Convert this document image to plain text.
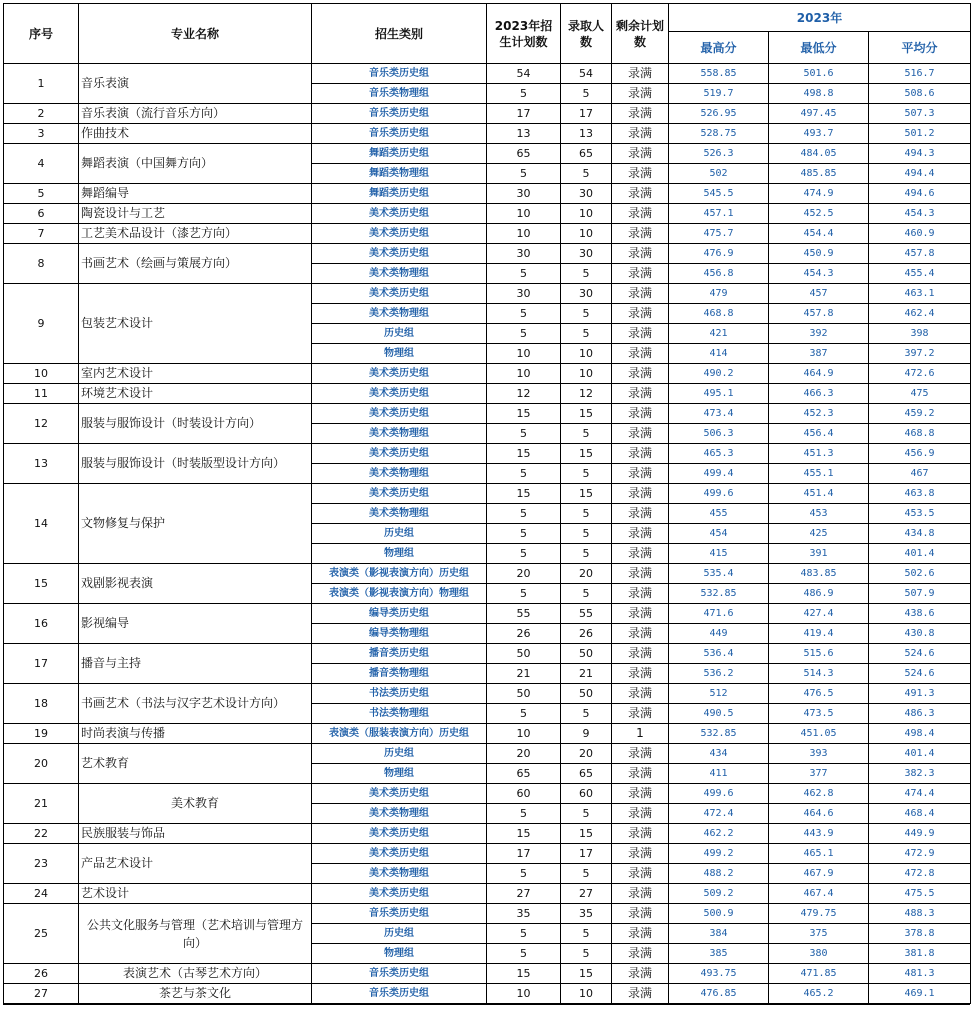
序号	专业名称	招生类别	2023年招生计划数	录取人数	剩余计划数	2023年		
						最高分	最低分	平均分
1	音乐表演	音乐类历史组	54	54	录满	558.85	501.6	516.7
		音乐类物理组	5	5	录满	519.7	498.8	508.6
2	音乐表演（流行音乐方向）	音乐类历史组	17	17	录满	526.95	497.45	507.3
3	作曲技术	音乐类历史组	13	13	录满	528.75	493.7	501.2
4	舞蹈表演（中国舞方向）	舞蹈类历史组	65	65	录满	526.3	484.05	494.3
		舞蹈类物理组	5	5	录满	502	485.85	494.4
5	舞蹈编导	舞蹈类历史组	30	30	录满	545.5	474.9	494.6
6	陶瓷设计与工艺	美术类历史组	10	10	录满	457.1	452.5	454.3
7	工艺美术品设计（漆艺方向）	美术类历史组	10	10	录满	475.7	454.4	460.9
8	书画艺术（绘画与策展方向）	美术类历史组	30	30	录满	476.9	450.9	457.8
		美术类物理组	5	5	录满	456.8	454.3	455.4
9	包装艺术设计	美术类历史组	30	30	录满	479	457	463.1
		美术类物理组	5	5	录满	468.8	457.8	462.4
		历史组	5	5	录满	421	392	398
		物理组	10	10	录满	414	387	397.2
10	室内艺术设计	美术类历史组	10	10	录满	490.2	464.9	472.6
11	环境艺术设计	美术类历史组	12	12	录满	495.1	466.3	475
12	服装与服饰设计（时装设计方向）	美术类历史组	15	15	录满	473.4	452.3	459.2
		美术类物理组	5	5	录满	506.3	456.4	468.8
13	服装与服饰设计（时装版型设计方向）	美术类历史组	15	15	录满	465.3	451.3	456.9
		美术类物理组	5	5	录满	499.4	455.1	467
14	文物修复与保护	美术类历史组	15	15	录满	499.6	451.4	463.8
		美术类物理组	5	5	录满	455	453	453.5
		历史组	5	5	录满	454	425	434.8
		物理组	5	5	录满	415	391	401.4
15	戏剧影视表演	表演类（影视表演方向）历史组	20	20	录满	535.4	483.85	502.6
		表演类（影视表演方向）物理组	5	5	录满	532.85	486.9	507.9
16	影视编导	编导类历史组	55	55	录满	471.6	427.4	438.6
		编导类物理组	26	26	录满	449	419.4	430.8
17	播音与主持	播音类历史组	50	50	录满	536.4	515.6	524.6
		播音类物理组	21	21	录满	536.2	514.3	524.6
18	书画艺术（书法与汉字艺术设计方向）	书法类历史组	50	50	录满	512	476.5	491.3
		书法类物理组	5	5	录满	490.5	473.5	486.3
19	时尚表演与传播	表演类（服装表演方向）历史组	10	9	1	532.85	451.05	498.4
20	艺术教育	历史组	20	20	录满	434	393	401.4
		物理组	65	65	录满	411	377	382.3
21	美术教育	美术类历史组	60	60	录满	499.6	462.8	474.4
		美术类物理组	5	5	录满	472.4	464.6	468.4
22	民族服装与饰品	美术类历史组	15	15	录满	462.2	443.9	449.9
23	产品艺术设计	美术类历史组	17	17	录满	499.2	465.1	472.9
		美术类物理组	5	5	录满	488.2	467.9	472.8
24	艺术设计	美术类历史组	27	27	录满	509.2	467.4	475.5
25	公共文化服务与管理（艺术培训与管理方向）	音乐类历史组	35	35	录满	500.9	479.75	488.3
		历史组	5	5	录满	384	375	378.8
		物理组	5	5	录满	385	380	381.8
26	表演艺术（古琴艺术方向）	音乐类历史组	15	15	录满	493.75	471.85	481.3
27	茶艺与茶文化	音乐类历史组	10	10	录满	476.85	465.2	469.1
